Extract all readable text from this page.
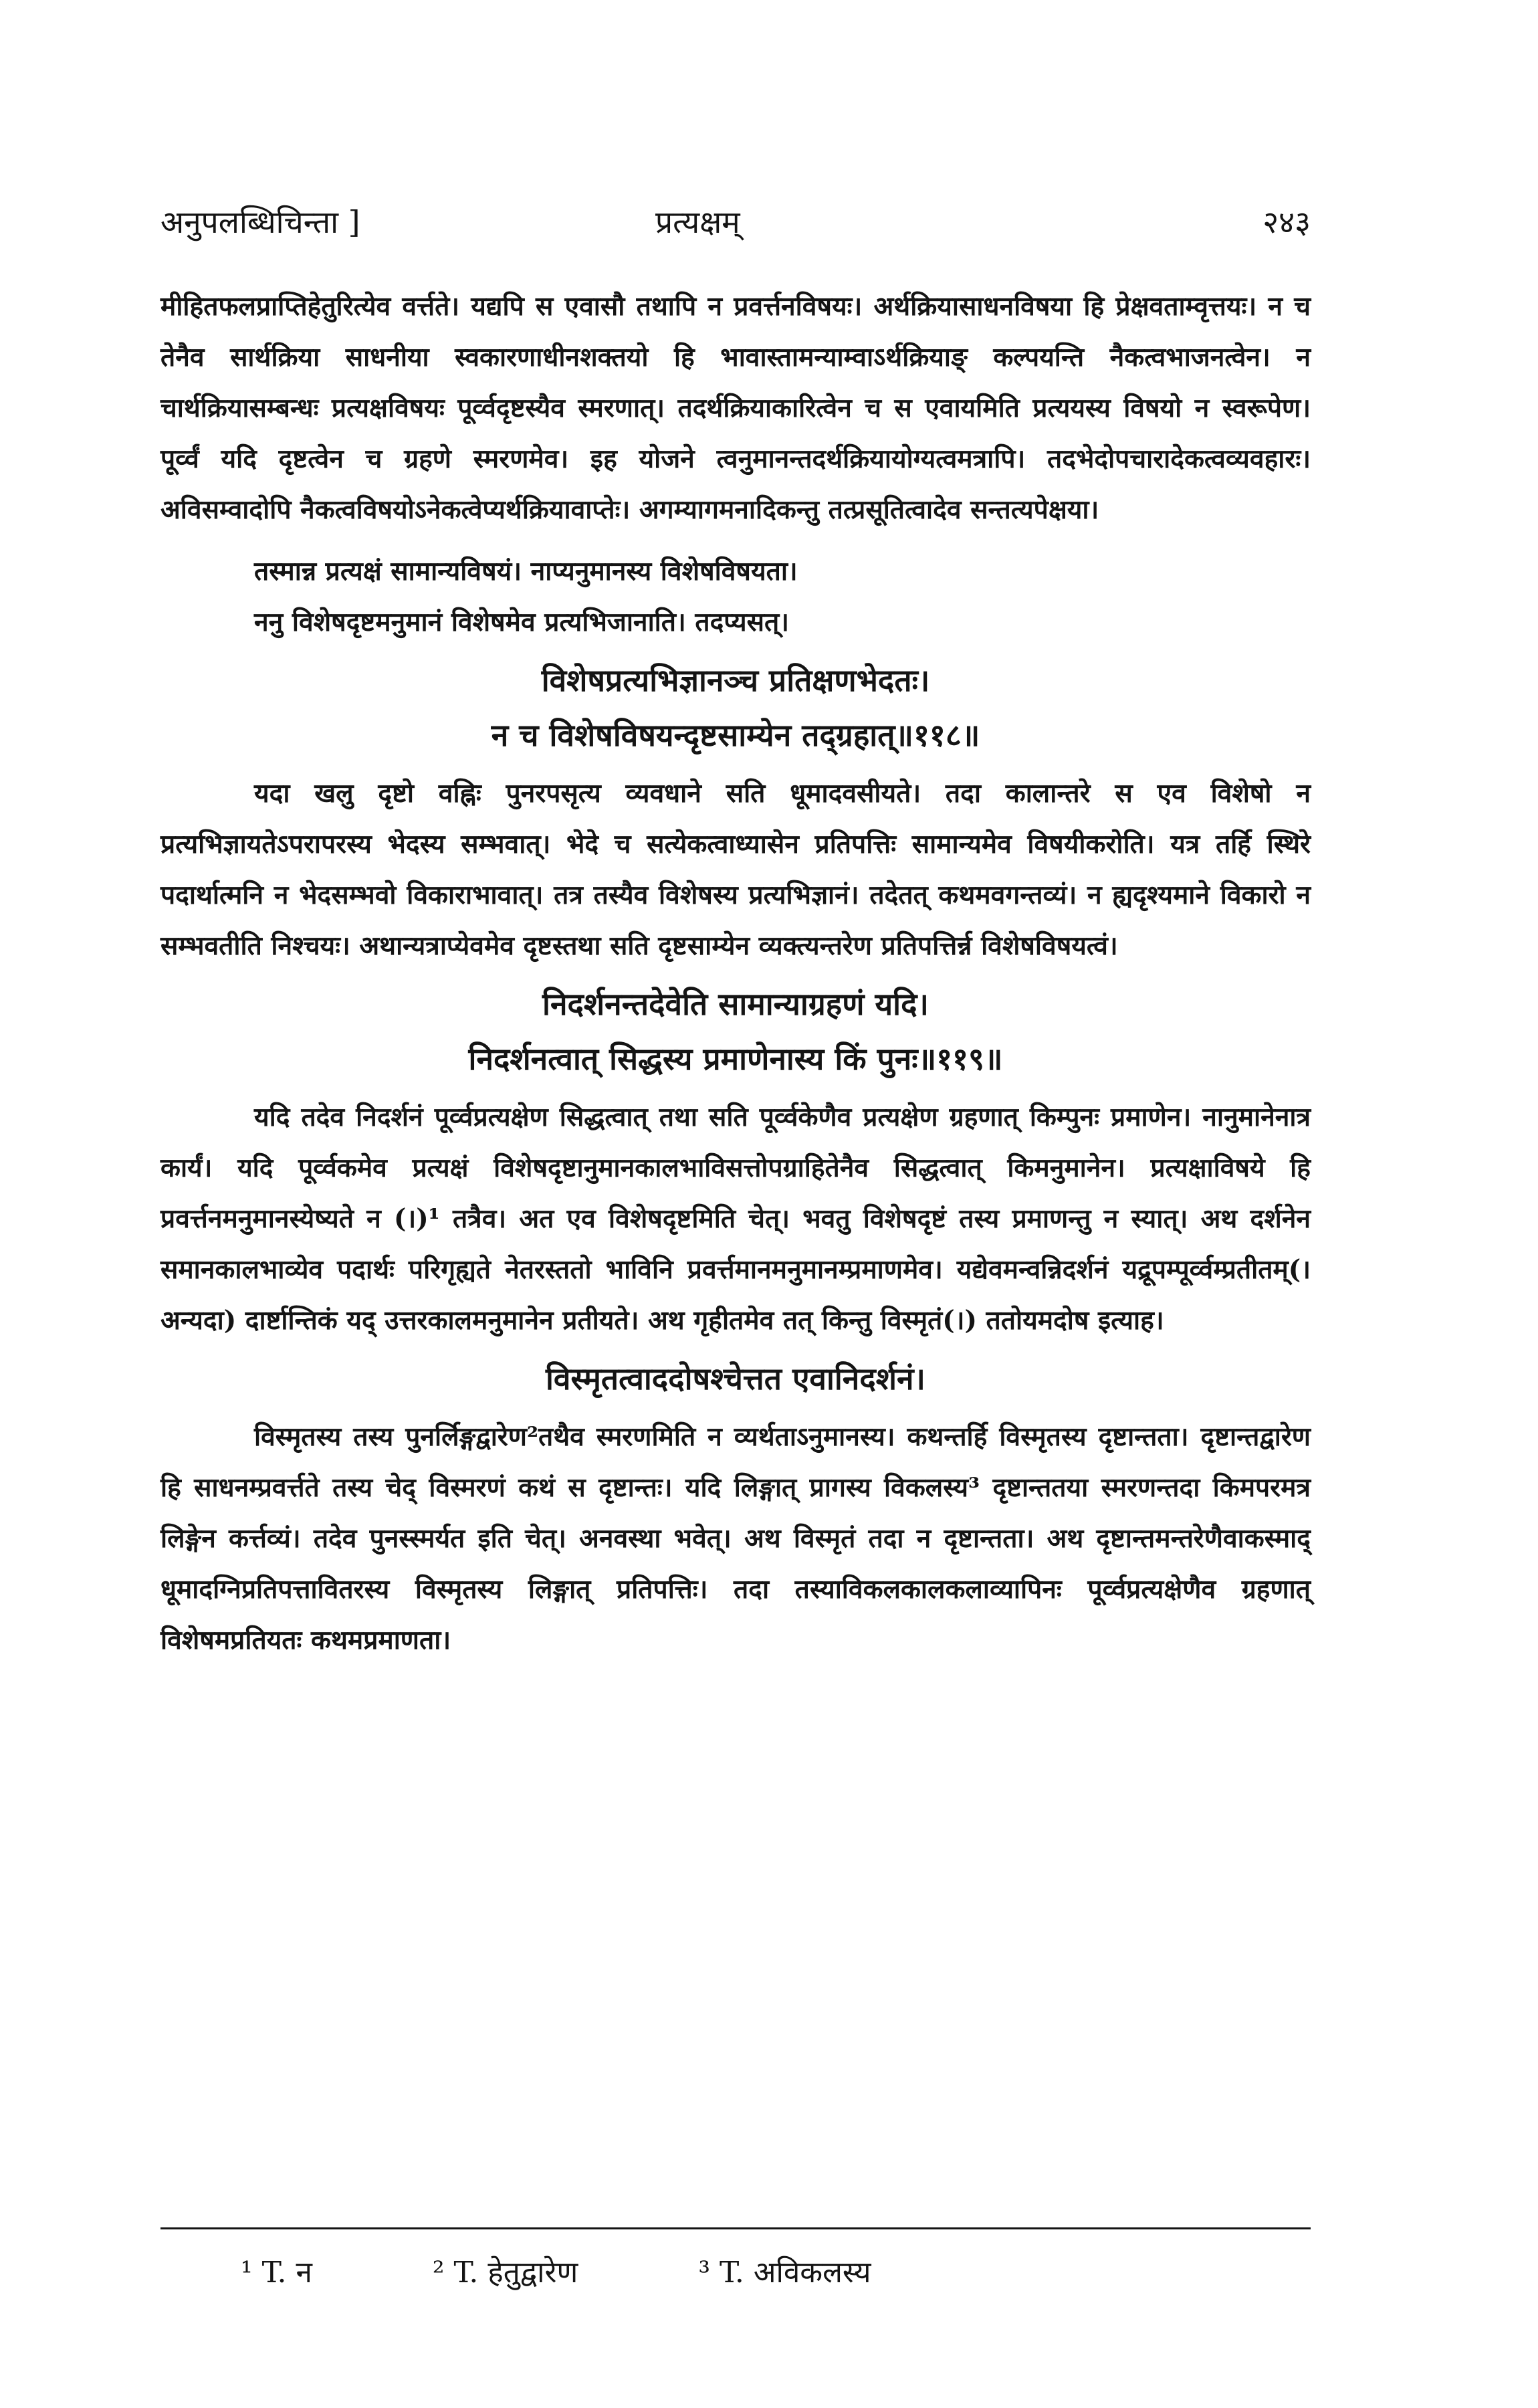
अनुपलब्धिचिन्ता ]	प्रत्यक्षम्	२४३

मीहितफलप्राप्तिहेतुरित्येव वर्त्तते। यद्यपि स एवासौ तथापि न प्रवर्त्तनविषयः। अर्थक्रियासाधनविषया हि प्रेक्षवताम्वृत्तयः। न च तेनैव सार्थक्रिया साधनीया स्वकारणाधीनशक्तयो हि भावास्तामन्याम्वाऽर्थक्रियाङ् कल्पयन्ति नैकत्वभाजनत्वेन। न चार्थक्रियासम्बन्धः प्रत्यक्षविषयः पूर्व्वदृष्टस्यैव स्मरणात्। तदर्थक्रियाकारित्वेन च स एवायमिति प्रत्ययस्य विषयो न स्वरूपेण। पूर्व्वं यदि दृष्टत्वेन च ग्रहणे स्मरणमेव। इह योजने त्वनुमानन्तदर्थक्रियायोग्यत्वमत्रापि। तदभेदोपचारादेकत्वव्यवहारः। अविसम्वादोपि नैकत्वविषयोऽनेकत्वेप्यर्थक्रियावाप्तेः। अगम्यागमनादिकन्तु तत्प्रसूतित्वादेव सन्तत्यपेक्षया।

तस्मान्न प्रत्यक्षं सामान्यविषयं। नाप्यनुमानस्य विशेषविषयता।

ननु विशेषदृष्टमनुमानं विशेषमेव प्रत्यभिजानाति। तदप्यसत्।

विशेषप्रत्यभिज्ञानञ्च प्रतिक्षणभेदतः।
न च विशेषविषयन्दृष्टसाम्येन तद्ग्रहात्॥११८॥

यदा खलु दृष्टो वह्निः पुनरपसृत्य व्यवधाने सति धूमादवसीयते। तदा कालान्तरे स एव विशेषो न प्रत्यभिज्ञायतेऽपरापरस्य भेदस्य सम्भवात्। भेदे च सत्येकत्वाध्यासेन प्रतिपत्तिः सामान्यमेव विषयीकरोति। यत्र तर्हि स्थिरे पदार्थात्मनि न भेदसम्भवो विकाराभावात्। तत्र तस्यैव विशेषस्य प्रत्यभिज्ञानं। तदेतत् कथमवगन्तव्यं। न ह्यदृश्यमाने विकारो न सम्भवतीति निश्चयः। अथान्यत्राप्येवमेव दृष्टस्तथा सति दृष्टसाम्येन व्यक्त्यन्तरेण प्रतिपत्तिर्न्न विशेषविषयत्वं।

निदर्शनन्तदेवेति सामान्याग्रहणं यदि।
निदर्शनत्वात् सिद्धस्य प्रमाणेनास्य किं पुनः॥११९॥

यदि तदेव निदर्शनं पूर्व्वप्रत्यक्षेण सिद्धत्वात् तथा सति पूर्व्वकेणैव प्रत्यक्षेण ग्रहणात् किम्पुनः प्रमाणेन। नानुमानेनात्र कार्यं। यदि पूर्व्वकमेव प्रत्यक्षं विशेषदृष्टानुमानकालभाविसत्तोपग्राहितेनैव सिद्धत्वात् किमनुमानेन। प्रत्यक्षाविषये हि प्रवर्त्तनमनुमानस्येष्यते न (।)¹ तत्रैव। अत एव विशेषदृष्टमिति चेत्। भवतु विशेषदृष्टं तस्य प्रमाणन्तु न स्यात्। अथ दर्शनेन समानकालभाव्येव पदार्थः परिगृह्यते नेतरस्ततो भाविनि प्रवर्त्तमानमनुमानम्प्रमाणमेव। यद्येवमन्वन्निदर्शनं यद्रूपम्पूर्व्वम्प्रतीतम्(। अन्यदा) दार्ष्टान्तिकं यद् उत्तरकालमनुमानेन प्रतीयते। अथ गृहीतमेव तत् किन्तु विस्मृतं(।) ततोयमदोष इत्याह।

विस्मृतत्वाददोषश्चेत्तत एवानिदर्शनं।

विस्मृतस्य तस्य पुनर्लिङ्गद्वारेण²तथैव स्मरणमिति न व्यर्थताऽनुमानस्य। कथन्तर्हि विस्मृतस्य दृष्टान्तता। दृष्टान्तद्वारेण हि साधनम्प्रवर्त्तते तस्य चेद् विस्मरणं कथं स दृष्टान्तः। यदि लिङ्गात् प्रागस्य विकलस्य³ दृष्टान्ततया स्मरणन्तदा किमपरमत्र लिङ्गेन कर्त्तव्यं। तदेव पुनस्स्मर्यत इति चेत्। अनवस्था भवेत्। अथ विस्मृतं तदा न दृष्टान्तता। अथ दृष्टान्तमन्तरेणैवाकस्माद् धूमादग्निप्रतिपत्तावितरस्य विस्मृतस्य लिङ्गात् प्रतिपत्तिः। तदा तस्याविकलकालकलाव्यापिनः पूर्व्वप्रत्यक्षेणैव ग्रहणात् विशेषमप्रतियतः कथमप्रमाणता।

¹ T. न	² T. हेतुद्वारेण	³ T. अविकलस्य
